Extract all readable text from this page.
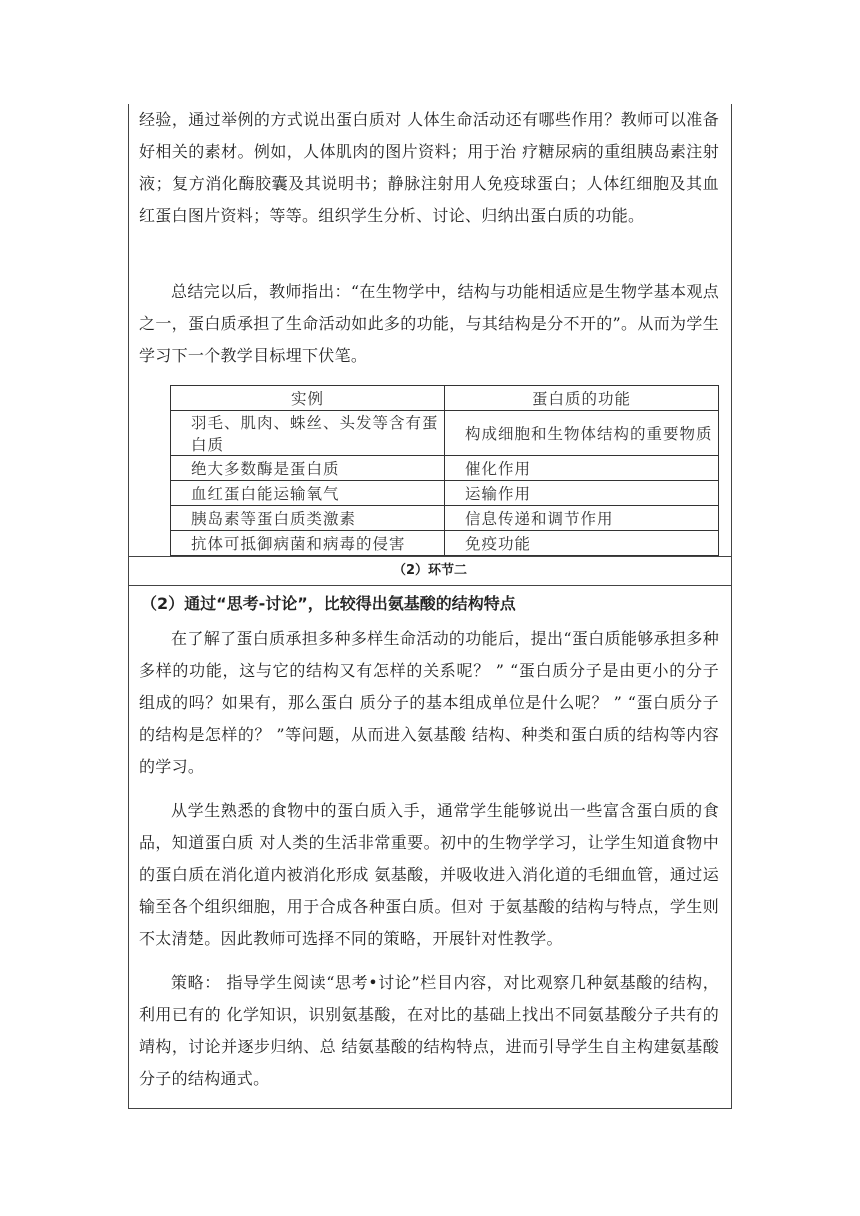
经验，通过举例的方式说出蛋白质对 人体生命活动还有哪些作用？教师可以准备好相关的素材。例如，人体肌肉的图片资料；用于治 疗糖尿病的重组胰岛素注射液；复方消化酶胶囊及其说明书；静脉注射用人免疫球蛋白；人体红细胞及其血红蛋白图片资料；等等。组织学生分析、讨论、归纳出蛋白质的功能。

总结完以后，教师指出：“在生物学中，结构与功能相适应是生物学基本观点之一，蛋白质承担了生命活动如此多的功能，与其结构是分不开的”。从而为学生学习下一个教学目标埋下伏笔。

实例	蛋白质的功能
羽毛、肌肉、蛛丝、头发等含有蛋白质	构成细胞和生物体结构的重要物质
绝大多数酶是蛋白质	催化作用
血红蛋白能运输氧气	运输作用
胰岛素等蛋白质类激素	信息传递和调节作用
抗体可抵御病菌和病毒的侵害	免疫功能
（2）环节二
（2）通过“思考-讨论”，比较得出氨基酸的结构特点

在了解了蛋白质承担多种多样生命活动的功能后，提出“蛋白质能够承担多种多样的功能，这与它的结构又有怎样的关系呢？ ” “蛋白质分子是由更小的分子组成的吗？如果有，那么蛋白 质分子的基本组成单位是什么呢？ ” “蛋白质分子的结构是怎样的？ ”等问题，从而进入氨基酸 结构、种类和蛋白质的结构等内容的学习。

从学生熟悉的食物中的蛋白质入手，通常学生能够说出一些富含蛋白质的食品，知道蛋白质 对人类的生活非常重要。初中的生物学学习，让学生知道食物中的蛋白质在消化道内被消化形成 氨基酸，并吸收进入消化道的毛细血管，通过运输至各个组织细胞，用于合成各种蛋白质。但对 于氨基酸的结构与特点，学生则不太清楚。因此教师可选择不同的策略，开展针对性教学。

策略： 指导学生阅读“思考•讨论”栏目内容，对比观察几种氨基酸的结构，利用已有的 化学知识，识别氨基酸，在对比的基础上找出不同氨基酸分子共有的靖构，讨论并逐步归纳、总 结氨基酸的结构特点，进而引导学生自主构建氨基酸分子的结构通式。
